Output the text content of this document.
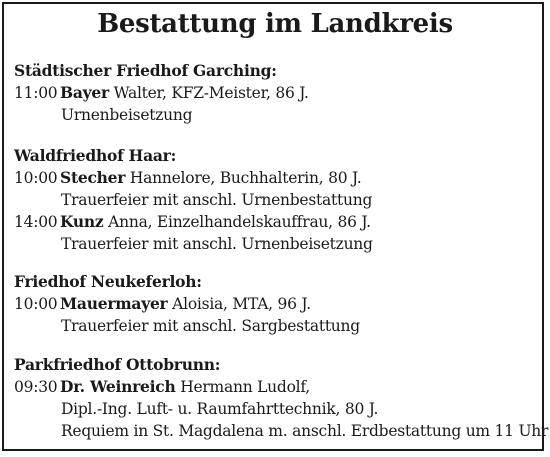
Bestattung im Landkreis
Städtischer Friedhof Garching:
11:00 Bayer Walter, KFZ-Meister, 86 J.
Urnenbeisetzung
Waldfriedhof Haar:
10:00 Stecher Hannelore, Buchhalterin, 80 J.
Trauerfeier mit anschl. Urnenbestattung
14:00 Kunz Anna, Einzelhandelskauffrau, 86 J.
Trauerfeier mit anschl. Urnenbeisetzung
Friedhof Neukeferloh:
10:00 Mauermayer Aloisia, MTA, 96 J.
Trauerfeier mit anschl. Sargbestattung
Parkfriedhof Ottobrunn:
09:30 Dr. Weinreich Hermann Ludolf,
Dipl.-Ing. Luft- u. Raumfahrttechnik, 80 J.
Requiem in St. Magdalena m. anschl. Erdbestattung um 11 Uhr
